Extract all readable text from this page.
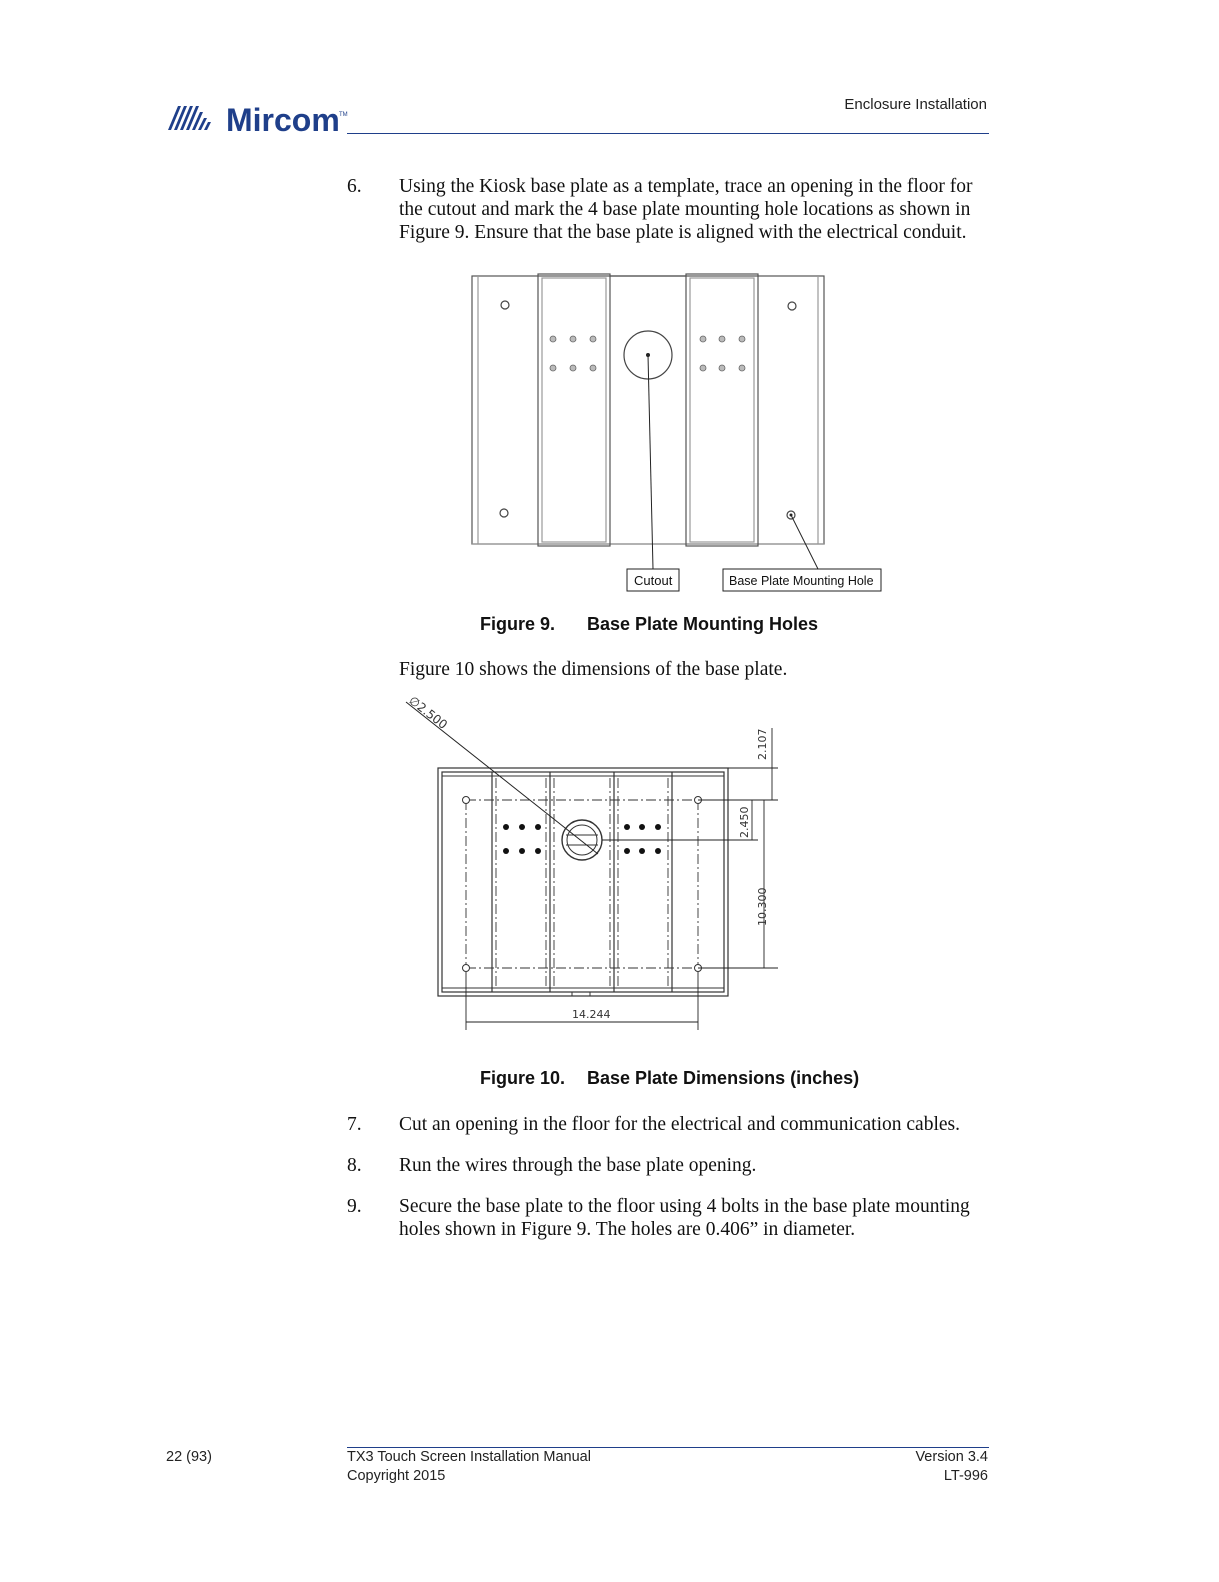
Mircom TM
Enclosure Installation
6. Using the Kiosk base plate as a template, trace an opening in the floor for
the cutout and mark the 4 base plate mounting hole locations as shown in
Figure 9. Ensure that the base plate is aligned with the electrical conduit.
Cutout	Base Plate Mounting Hole
Figure 9. Base Plate Mounting Holes
Figure 10 shows the dimensions of the base plate.
∅2.500
2.107
2.450
10.300
14.244
Figure 10. Base Plate Dimensions (inches)
7. Cut an opening in the floor for the electrical and communication cables.
8. Run the wires through the base plate opening.
9. Secure the base plate to the floor using 4 bolts in the base plate mounting
holes shown in Figure 9. The holes are 0.406” in diameter.
22 (93)	TX3 Touch Screen Installation Manual
Copyright 2015
Version 3.4
LT-996
